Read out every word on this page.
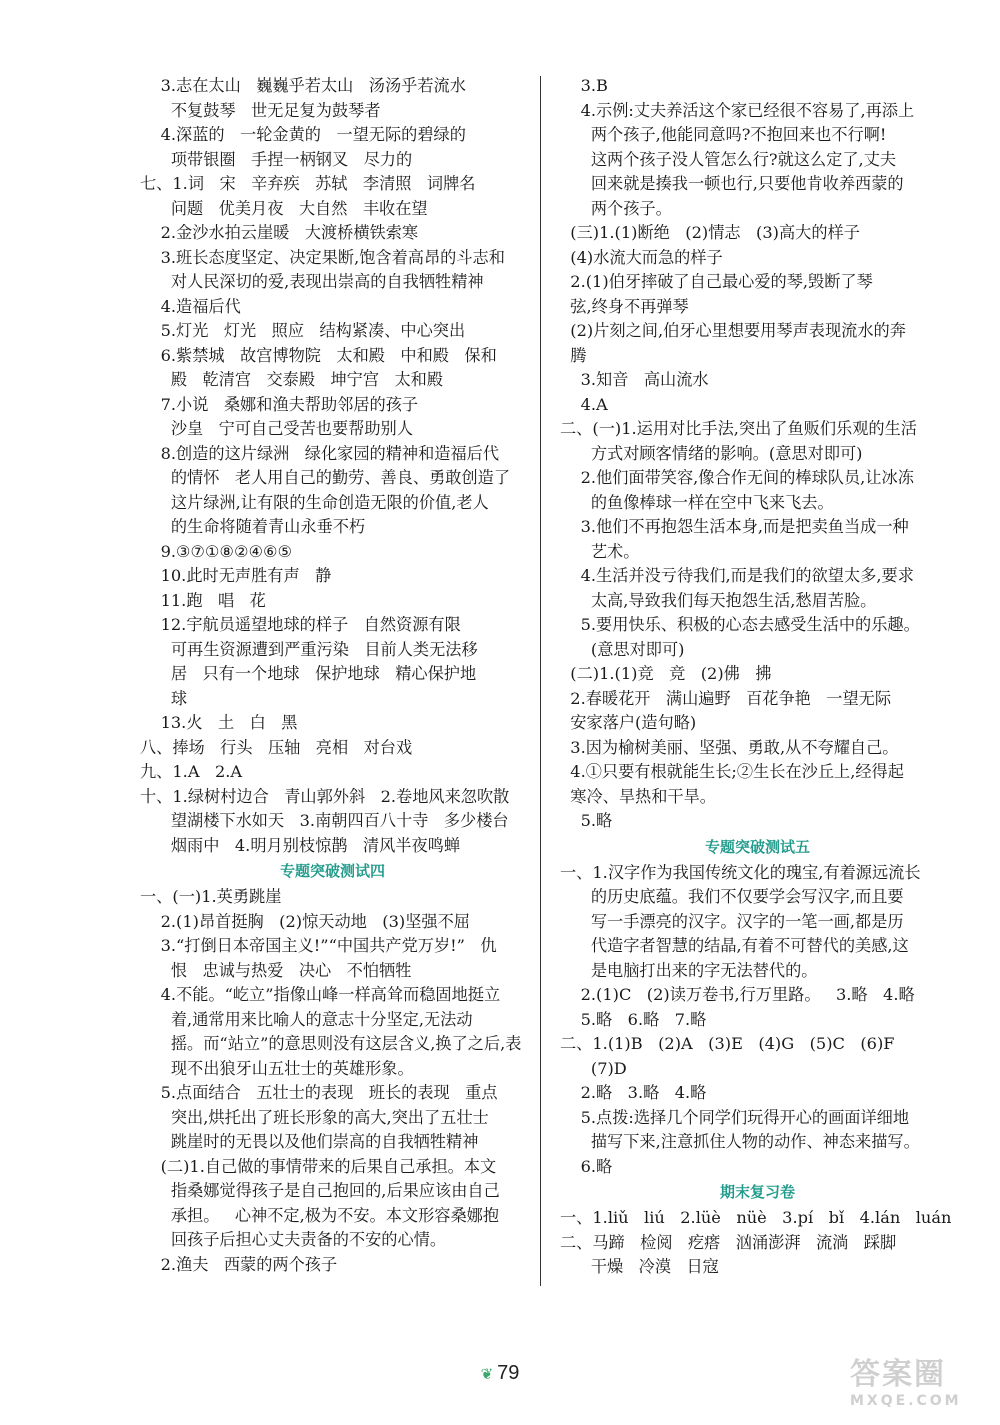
3.志在太山   巍巍乎若太山   汤汤乎若流水
不复鼓琴   世无足复为鼓琴者
4.深蓝的   一轮金黄的   一望无际的碧绿的
项带银圈   手捏一柄钢叉   尽力的
七、1.词   宋   辛弃疾   苏轼   李清照   词牌名
问题   优美月夜   大自然   丰收在望
2.金沙水拍云崖暖   大渡桥横铁索寒
3.班长态度坚定、决定果断,饱含着高昂的斗志和
对人民深切的爱,表现出崇高的自我牺牲精神
4.造福后代
5.灯光   灯光   照应   结构紧凑、中心突出
6.紫禁城   故宫博物院   太和殿   中和殿   保和
殿   乾清宫   交泰殿   坤宁宫   太和殿
7.小说   桑娜和渔夫帮助邻居的孩子
沙皇   宁可自己受苦也要帮助别人
8.创造的这片绿洲   绿化家园的精神和造福后代
的情怀   老人用自己的勤劳、善良、勇敢创造了
这片绿洲,让有限的生命创造无限的价值,老人
的生命将随着青山永垂不朽
9.③⑦①⑧②④⑥⑤
10.此时无声胜有声   静
11.跑   唱   花
12.宇航员遥望地球的样子   自然资源有限
可再生资源遭到严重污染   目前人类无法移
居   只有一个地球   保护地球   精心保护地
球
13.火   土   白   黑
八、捧场   行头   压轴   亮相   对台戏
九、1.A   2.A
十、1.绿树村边合   青山郭外斜   2.卷地风来忽吹散
望湖楼下水如天   3.南朝四百八十寺   多少楼台
烟雨中   4.明月别枝惊鹊   清风半夜鸣蝉
专题突破测试四
一、(一)1.英勇跳崖
2.(1)昂首挺胸   (2)惊天动地   (3)坚强不屈
3.“打倒日本帝国主义!”“中国共产党万岁!”   仇
恨   忠诚与热爱   决心   不怕牺牲
4.不能。“屹立”指像山峰一样高耸而稳固地挺立
着,通常用来比喻人的意志十分坚定,无法动
摇。而“站立”的意思则没有这层含义,换了之后,表
现不出狼牙山五壮士的英雄形象。
5.点面结合   五壮士的表现   班长的表现   重点
突出,烘托出了班长形象的高大,突出了五壮士
跳崖时的无畏以及他们崇高的自我牺牲精神
(二)1.自己做的事情带来的后果自己承担。本文
指桑娜觉得孩子是自己抱回的,后果应该由自己
承担。   心神不定,极为不安。本文形容桑娜抱
回孩子后担心丈夫责备的不安的心情。
2.渔夫   西蒙的两个孩子
3.B
4.示例:丈夫养活这个家已经很不容易了,再添上
两个孩子,他能同意吗?不抱回来也不行啊!
这两个孩子没人管怎么行?就这么定了,丈夫
回来就是揍我一顿也行,只要他肯收养西蒙的
两个孩子。
(三)1.(1)断绝   (2)情志   (3)高大的样子
(4)水流大而急的样子
2.(1)伯牙摔破了自己最心爱的琴,毁断了琴
弦,终身不再弹琴
(2)片刻之间,伯牙心里想要用琴声表现流水的奔
腾
3.知音   高山流水
4.A
二、(一)1.运用对比手法,突出了鱼贩们乐观的生活
方式对顾客情绪的影响。(意思对即可)
2.他们面带笑容,像合作无间的棒球队员,让冰冻
的鱼像棒球一样在空中飞来飞去。
3.他们不再抱怨生活本身,而是把卖鱼当成一种
艺术。
4.生活并没亏待我们,而是我们的欲望太多,要求
太高,导致我们每天抱怨生活,愁眉苦脸。
5.要用快乐、积极的心态去感受生活中的乐趣。
(意思对即可)
(二)1.(1)竞   竞   (2)佛   拂
2.春暖花开   满山遍野   百花争艳   一望无际
安家落户(造句略)
3.因为榆树美丽、坚强、勇敢,从不夸耀自己。
4.①只要有根就能生长;②生长在沙丘上,经得起
寒冷、旱热和干旱。
5.略
专题突破测试五
一、1.汉字作为我国传统文化的瑰宝,有着源远流长
的历史底蕴。我们不仅要学会写汉字,而且要
写一手漂亮的汉字。汉字的一笔一画,都是历
代造字者智慧的结晶,有着不可替代的美感,这
是电脑打出来的字无法替代的。
2.(1)C   (2)读万卷书,行万里路。   3.略   4.略
5.略   6.略   7.略
二、1.(1)B   (2)A   (3)E   (4)G   (5)C   (6)F
(7)D
2.略   3.略   4.略
5.点拨:选择几个同学们玩得开心的画面详细地
描写下来,注意抓住人物的动作、神态来描写。
6.略
期末复习卷
一、1.liǔ   liú   2.lüè   nüè   3.pí   bǐ   4.lán   luán
二、马蹄   检阅   疙瘩   汹涌澎湃   流淌   踩脚
干燥   冷漠   日寇
❦ 79	答案圈
MXQE.COM
